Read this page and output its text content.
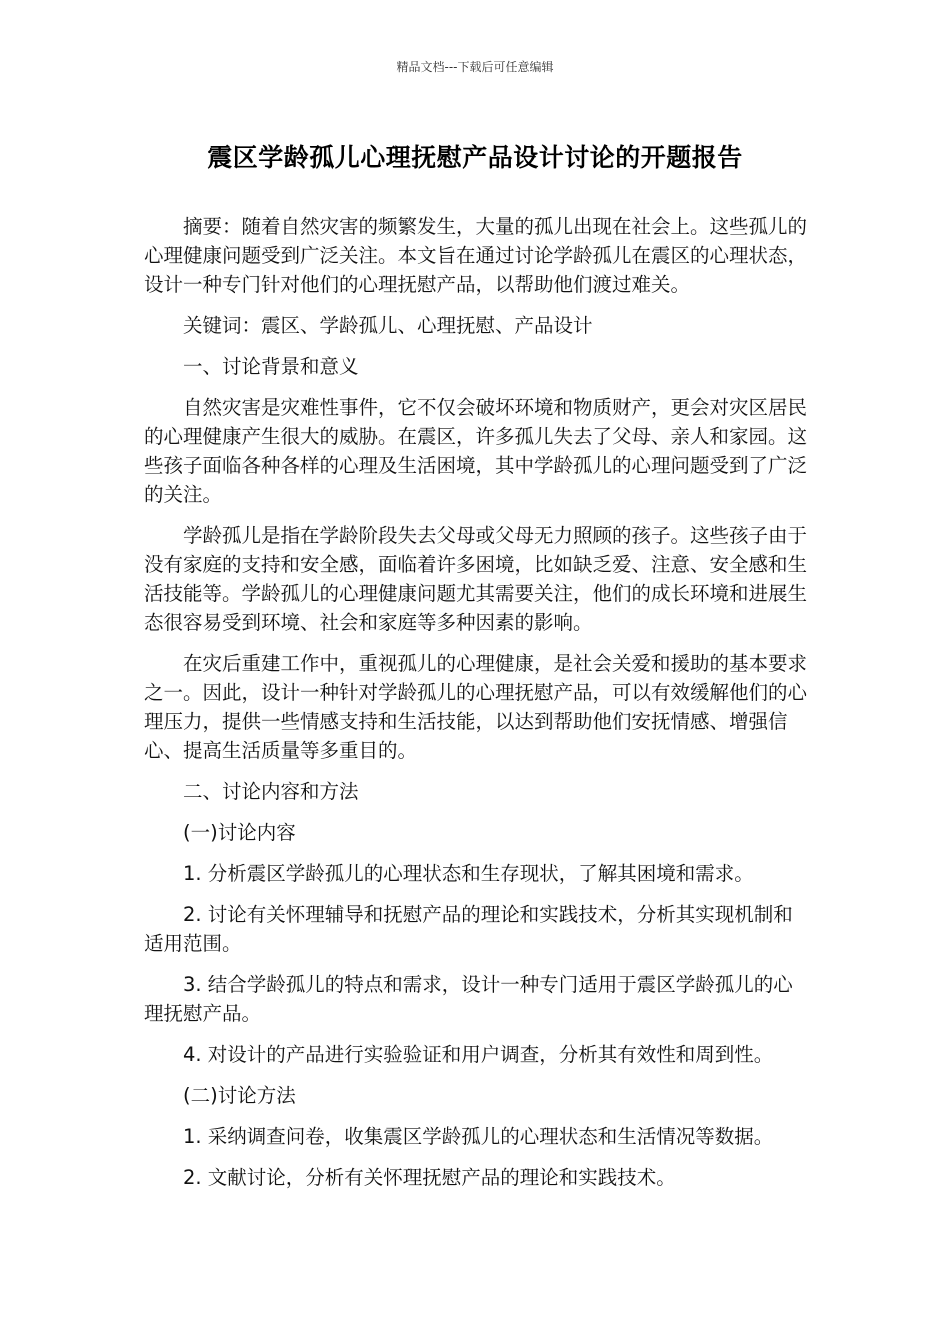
精品文档---下载后可任意编辑
震区学龄孤儿心理抚慰产品设计讨论的开题报告

摘要：随着自然灾害的频繁发生，大量的孤儿出现在社会上。这些孤儿的心理健康问题受到广泛关注。本文旨在通过讨论学龄孤儿在震区的心理状态，设计一种专门针对他们的心理抚慰产品，以帮助他们渡过难关。

关键词：震区、学龄孤儿、心理抚慰、产品设计

一、讨论背景和意义

自然灾害是灾难性事件，它不仅会破坏环境和物质财产，更会对灾区居民的心理健康产生很大的威胁。在震区，许多孤儿失去了父母、亲人和家园。这些孩子面临各种各样的心理及生活困境，其中学龄孤儿的心理问题受到了广泛的关注。

学龄孤儿是指在学龄阶段失去父母或父母无力照顾的孩子。这些孩子由于没有家庭的支持和安全感，面临着许多困境，比如缺乏爱、注意、安全感和生活技能等。学龄孤儿的心理健康问题尤其需要关注，他们的成长环境和进展生态很容易受到环境、社会和家庭等多种因素的影响。

在灾后重建工作中，重视孤儿的心理健康，是社会关爱和援助的基本要求之一。因此，设计一种针对学龄孤儿的心理抚慰产品，可以有效缓解他们的心理压力，提供一些情感支持和生活技能，以达到帮助他们安抚情感、增强信心、提高生活质量等多重目的。

二、讨论内容和方法

(一)讨论内容

1. 分析震区学龄孤儿的心理状态和生存现状，了解其困境和需求。

2. 讨论有关怀理辅导和抚慰产品的理论和实践技术，分析其实现机制和适用范围。

3. 结合学龄孤儿的特点和需求，设计一种专门适用于震区学龄孤儿的心理抚慰产品。

4. 对设计的产品进行实验验证和用户调查，分析其有效性和周到性。

(二)讨论方法

1. 采纳调查问卷，收集震区学龄孤儿的心理状态和生活情况等数据。

2. 文献讨论，分析有关怀理抚慰产品的理论和实践技术。
